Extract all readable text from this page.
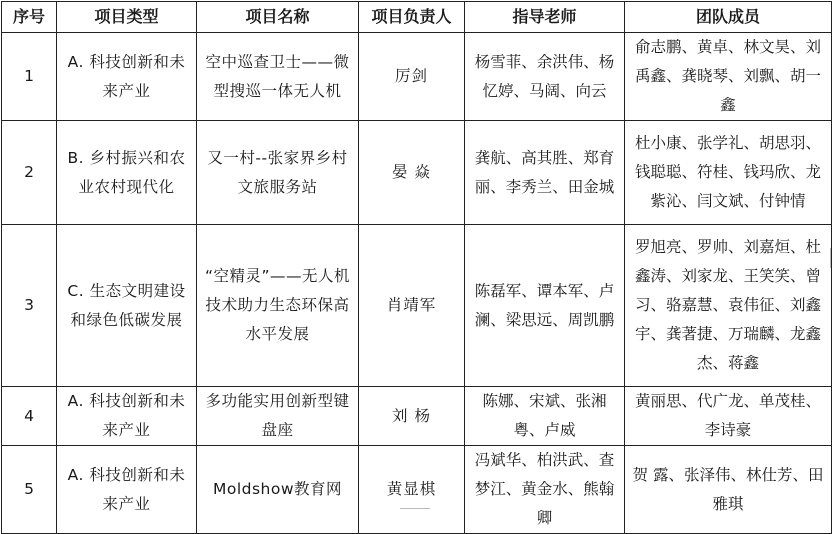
序号	项目类型	项目名称	项目负责人	指导老师	团队成员
1	A. 科技创新和未来产业	空中巡查卫士——微型搜巡一体无人机	厉剑	杨雪菲、余洪伟、杨忆婷、马阔、向云	俞志鹏、黄卓、林文昊、刘禹鑫、龚晓琴、刘飘、胡一鑫
2	B. 乡村振兴和农业农村现代化	又一村--张家界乡村文旅服务站	晏 焱	龚航、高其胜、郑育丽、李秀兰、田金城	杜小康、张学礼、胡思羽、钱聪聪、符桂、钱玛欣、龙紫沁、闫文斌、付钟情
3	C. 生态文明建设和绿色低碳发展	“空精灵”——无人机技术助力生态环保高水平发展	肖靖军	陈磊军、谭本军、卢澜、梁思远、周凯鹏	罗旭亮、罗帅、刘嘉烜、杜鑫涛、刘家龙、王笑笑、曾习、骆嘉慧、袁伟征、刘鑫宇、龚著捷、万瑞麟、龙鑫杰、蒋鑫
4	A. 科技创新和未来产业	多功能实用创新型键盘座	刘 杨	陈娜、宋斌、张湘粤、卢威	黄丽思、代广龙、单茂桂、李诗豪
5	A. 科技创新和未来产业	Moldshow教育网	黄显棋	冯斌华、柏洪武、查梦江、黄金水、熊翰卿	贺 露、张泽伟、林仕芳、田雅琪
